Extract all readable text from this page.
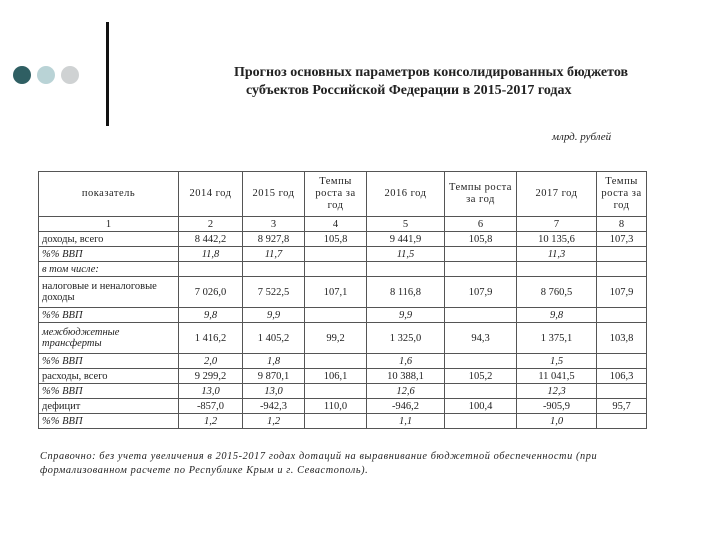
Прогноз основных параметров консолидированных бюджетов
субъектов Российской Федерации в 2015-2017 годах
млрд. рублей
показатель	2014 год	2015 год	Темпы роста за год	2016 год	Темпы роста за год	2017 год	Темпы роста за год
1	2	3	4	5	6	7	8
доходы, всего	8 442,2	8 927,8	105,8	9 441,9	105,8	10 135,6	107,3
%% ВВП	11,8	11,7		11,5		11,3	
в том числе:							
налоговые и неналоговые доходы	7 026,0	7 522,5	107,1	8 116,8	107,9	8 760,5	107,9
%% ВВП	9,8	9,9		9,9		9,8	
межбюджетные трансферты	1 416,2	1 405,2	99,2	1 325,0	94,3	1 375,1	103,8
%% ВВП	2,0	1,8		1,6		1,5	
расходы, всего	9 299,2	9 870,1	106,1	10 388,1	105,2	11 041,5	106,3
%% ВВП	13,0	13,0		12,6		12,3	
дефицит	-857,0	-942,3	110,0	-946,2	100,4	-905,9	95,7
%% ВВП	1,2	1,2		1,1		1,0	
Справочно: без учета увеличения в 2015-2017 годах дотаций на выравнивание бюджетной обеспеченности (при формализованном расчете по Республике Крым и г. Севастополь).
